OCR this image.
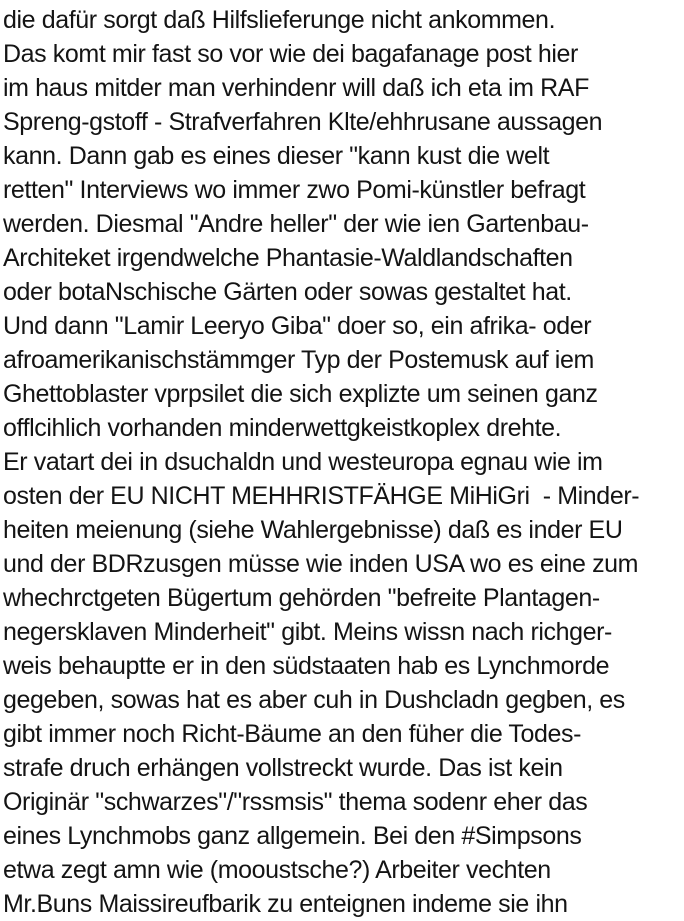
die dafür sorgt daß Hilfslieferunge nicht ankommen.
Das komt mir fast so vor wie dei bagafanage post hier
im haus mitder man verhindenr will daß ich eta im RAF
Spreng-gstoff - Strafverfahren Klte/ehhrusane aussagen
kann. Dann gab es eines dieser "kann kust die welt
retten" Interviews wo immer zwo Pomi-künstler befragt
werden. Diesmal "Andre heller" der wie ien Gartenbau-
Architeket irgendwelche Phantasie-Waldlandschaften
oder botaNschische Gärten oder sowas gestaltet hat.
Und dann "Lamir Leeryo Giba" doer so, ein afrika- oder
afroamerikanischstämmger Typ der Postemusk auf iem
Ghettoblaster vprpsilet die sich explizte um seinen ganz
offlcihlich vorhanden minderwettgkeistkoplex drehte.
Er vatart dei in dsuchaldn und westeuropa egnau wie im
osten der EU NICHT MEHHRISTFÄHGE MiHiGri  - Minder-
heiten meienung (siehe Wahlergebnisse) daß es inder EU
und der BDRzusgen müsse wie inden USA wo es eine zum
whechrctgeten Bügertum gehörden "befreite Plantagen-
negersklaven Minderheit" gibt. Meins wissn nach richger-
weis behauptte er in den südstaaten hab es Lynchmorde
gegeben, sowas hat es aber cuh in Dushcladn gegben, es
gibt immer noch Richt-Bäume an den füher die Todes-
strafe druch erhängen vollstreckt wurde. Das ist kein
Originär "schwarzes"/"rssmsis" thema sodenr eher das
eines Lynchmobs ganz allgemein. Bei den #Simpsons
etwa zegt amn wie (mooustsche?) Arbeiter vechten
Mr.Buns Maissireufbarik zu enteignen indeme sie ihn
